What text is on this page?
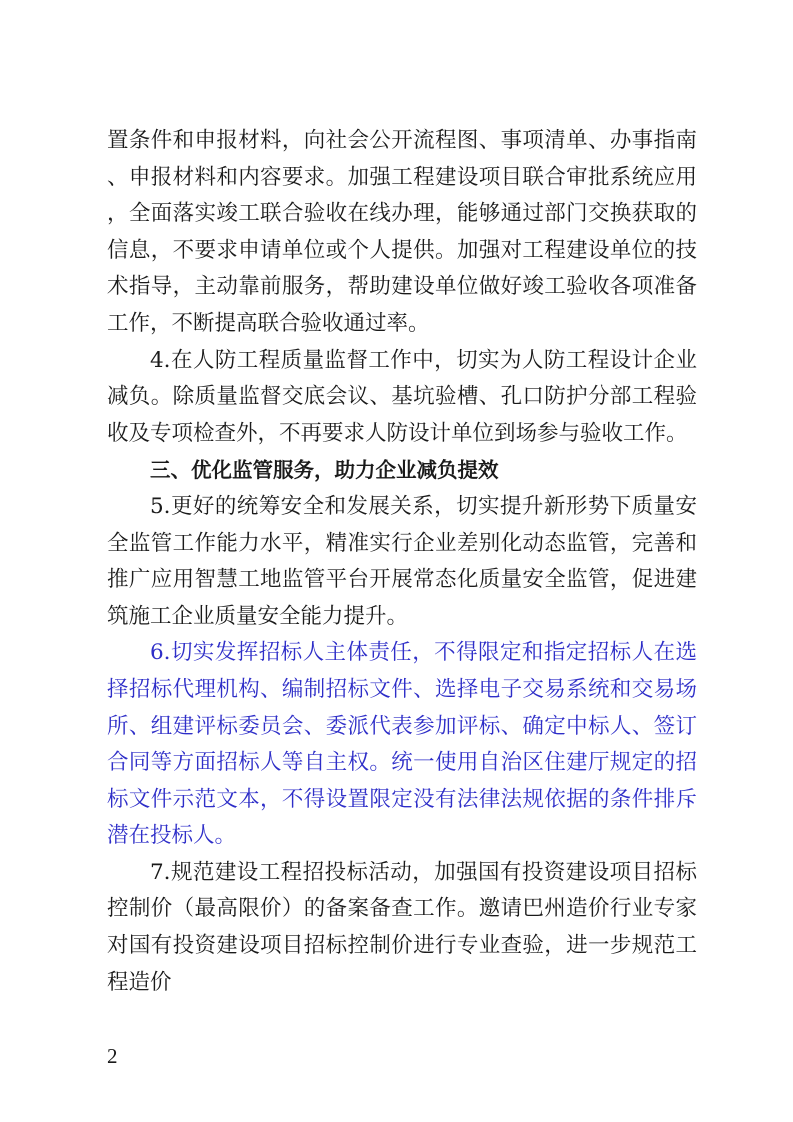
置条件和申报材料，向社会公开流程图、事项清单、办事指南、申报材料和内容要求。加强工程建设项目联合审批系统应用，全面落实竣工联合验收在线办理，能够通过部门交换获取的信息，不要求申请单位或个人提供。加强对工程建设单位的技术指导，主动靠前服务，帮助建设单位做好竣工验收各项准备工作，不断提高联合验收通过率。

4.在人防工程质量监督工作中，切实为人防工程设计企业减负。除质量监督交底会议、基坑验槽、孔口防护分部工程验收及专项检查外，不再要求人防设计单位到场参与验收工作。

三、优化监管服务，助力企业减负提效

5.更好的统筹安全和发展关系，切实提升新形势下质量安全监管工作能力水平，精准实行企业差别化动态监管，完善和推广应用智慧工地监管平台开展常态化质量安全监管，促进建筑施工企业质量安全能力提升。

6.切实发挥招标人主体责任，不得限定和指定招标人在选择招标代理机构、编制招标文件、选择电子交易系统和交易场所、组建评标委员会、委派代表参加评标、确定中标人、签订合同等方面招标人等自主权。统一使用自治区住建厅规定的招标文件示范文本，不得设置限定没有法律法规依据的条件排斥潜在投标人。

7.规范建设工程招投标活动，加强国有投资建设项目招标控制价（最高限价）的备案备查工作。邀请巴州造价行业专家对国有投资建设项目招标控制价进行专业查验，进一步规范工程造价

2
